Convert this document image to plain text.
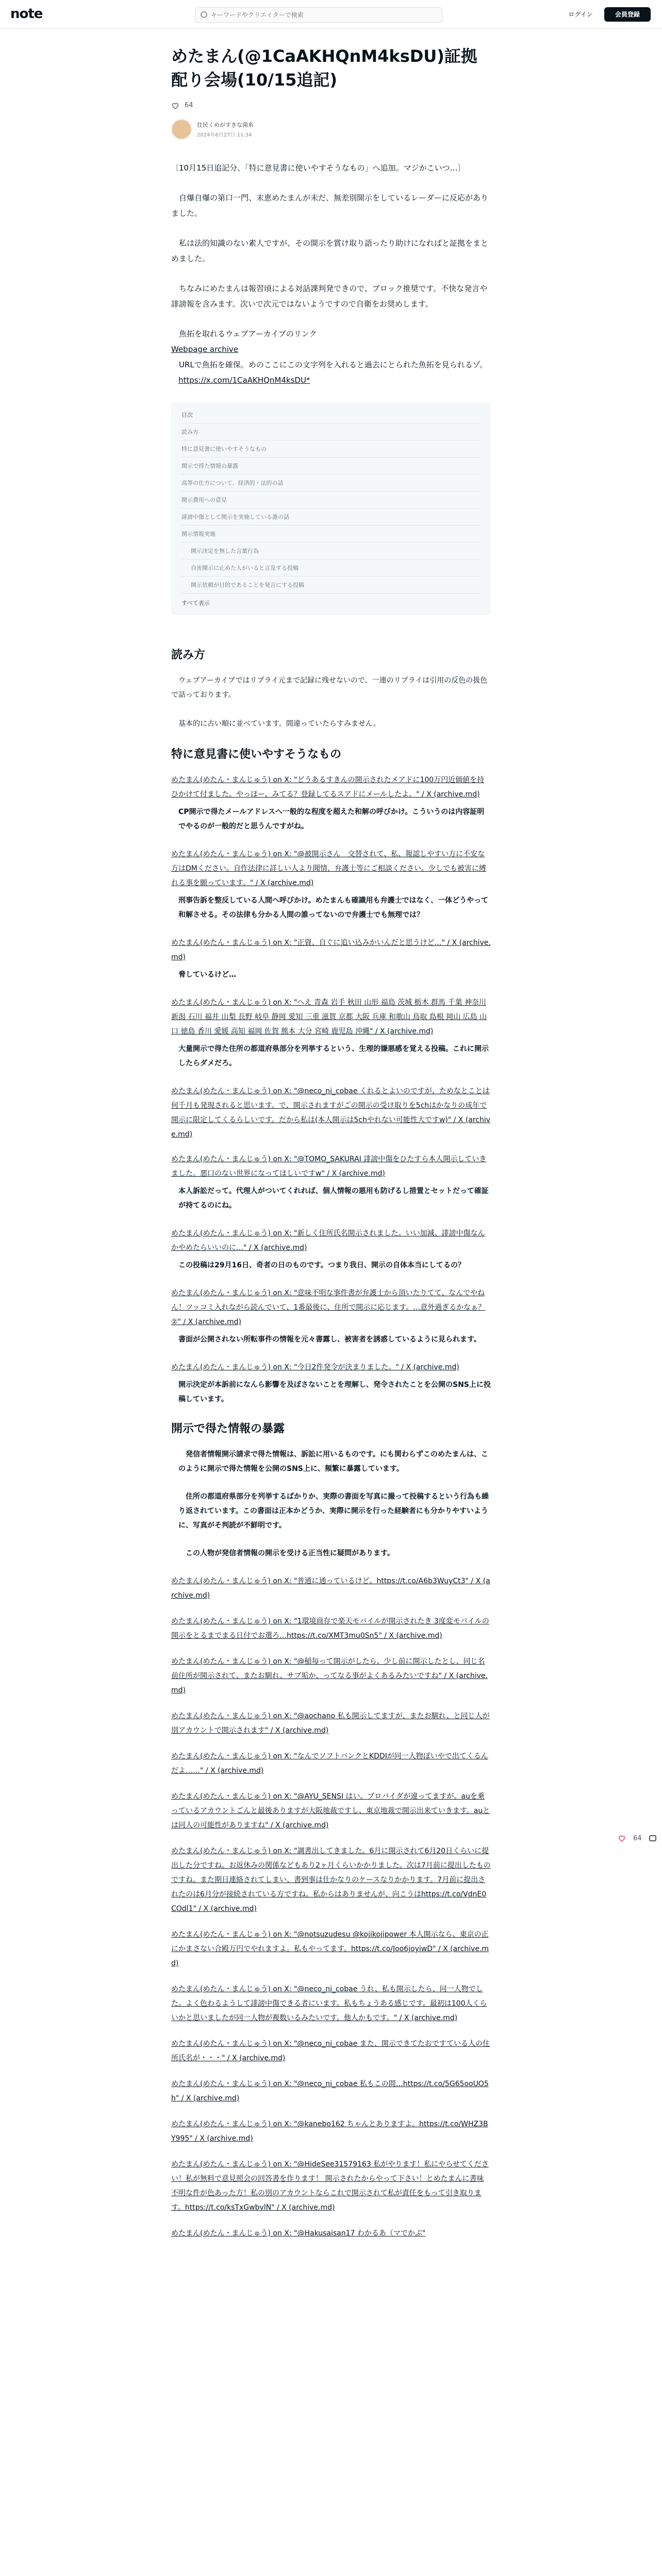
note
キーワードやクリエイターで検索	ログイン	会員登録
めたまん(@1CaAKHQnM4ksDU)証拠配り会場(10/15追記)
64
住民くめがすきな菌糸
2024年6月27日 11:34
〔10月15日追記分、「特に意見書に使いやすそうなもの」へ追加。マジかこいつ…〕
　自爆自爆の第口一門、末恵めたまんが未だ、無差別開示をしているレーダーに反応がありました。
　私は法的知識のない素人ですが、その開示を賞け取り語ったり助けになればと証拠をまとめました。
　ちなみにめたまんは報習頃による対話課判発できので、ブロック推奨です。不快な発言や誹謗報を含みます。次いで次元ではないようですので自衛をお奨めします。
　魚拓を取れるウェブアーカイブのリンク
Webpage archive
　URLで魚拓を確保。めのここにこの文字列を入れると過去にとられた魚拓を見られるゾ。
https://x.com/1CaAKHQnM4ksDU*
目次
読み方
特に意見書に使いやすそうなもの
開示で得た情報の暴露
高等の仕方について、経済的・法的の話
開示費用への意見
誹謗中傷として開示を実施している誰の話
開示情報実施
開示決定を無した言葉行為
自害開示に止めた人がいると言及する投稿
開示依頼が目的であることを発言にする投稿
すべて表示
読み方
　ウェブアーカイブではリプライ元まで記録に残せないので、一連のリプライは引用の反色の扱色で話っております。
　基本的に古い順に並べています。間違っていたらすみません。
特に意見書に使いやすそうなもの
めたまん(めたん・まんじゅう) on X: "どうあるすきんの開示されたメアドに100万円近価値を持ひかけて付ました。やっほー、みてる？登録してるスアドにメールしたよ。" / X (archive.md)
CP開示で得たメールアドレスへ一般的な程度を超えた和解の呼びかけ。こういうのは内容証明でやるのが一般的だと思うんですがね。
めたまん(めたん・まんじゅう) on X: "@被開示さん　交替されて、私、報認しやすい方に不安な方はDMください。自作法律に詳しい人より聞情、弁護士等にご相談ください。少しでも被害に縛れる事を願っています。" / X (archive.md)
刑事告訴を整反している人間へ呼びかけ。めたまんも確識用も弁護士ではなく、一体どうやって和解させる。その法律も分かる人間の誰ってないので弁護士でも無理では？
めたまん(めたん・まんじゅう) on X: "正資、自ぐに追い込みかいんだと思うけど…" / X (archive.md)
脅しているけど…
めたまん(めたん・まんじゅう) on X: "へえ 青森 岩手 秋田 山形 福島 茨城 栃木 群馬 千葉 神奈川 新潟 石川 福井 山梨 長野 岐阜 静岡 愛知 三重 滋賀 京都 大阪 兵庫 和歌山 鳥取 島根 岡山 広島 山口 徳島 香川 愛媛 高知 福岡 佐賀 熊本 大分 宮崎 鹿児島 沖縄" / X (archive.md)
大量開示で得た住所の都道府県部分を列挙するという、生理的嫌悪感を覚える投稿。これに開示したらダメだろ。
めたまん(めたん・まんじゅう) on X: "@neco_ni_cobae くれるとよいのですが、ためなとことは何千月も発現されると思います。で、開示されますがごの開示の受け取りを5chはかなりの成年で開示に限定してくるらしいです。だから私は(本人開示は5chやれない可能性大ですw)" / X (archive.md)
めたまん(めたん・まんじゅう) on X: "@TOMO_SAKURAI 誹謗中傷をひたすら本人開示していきました。悪口のない世界になってほしいですw" / X (archive.md)
本人訴訟だって。代理人がついてくれれば、個人情報の悪用も防げるし措置とセットだって確証が持てるのにね。
めたまん(めたん・まんじゅう) on X: "新しく住所氏名開示されました。いい加減、誹謗中傷なんかやめたらいいのに…" / X (archive.md)
この投稿は29月16日、奇者の日のものです。つまり我日、開示の自体本当にしてるの？
めたまん(めたん・まんじゅう) on X: "意味不明な事件書が弁護士から頂いたりてて、なんでやねん！ツッコミ入れながら読んでいて、1番最後に、住所で開示に応じます。…意外過ぎるかなぁ？②" / X (archive.md)
書面が公開されない所転事件の情報を元々書露し、被害者を誘惑しているように見られます。
めたまん(めたん・まんじゅう) on X: "今日2件発令が決まりました。" / X (archive.md)
開示決定が本訴前になんら影響を及ぼさないことを理解し、発令されたことを公開のSNS上に投稿しています。
開示で得た情報の暴露
　発信者情報開示請求で得た情報は、訴訟に用いるものです。にも関わらずこのめたまんは、このように開示で得た情報を公開のSNS上に、頻繁に暴露しています。
　住所の都道府県部分を列挙するばかりか、実際の書面を写真に撮って投稿するという行為も繰り返されています。この書面は正本かどうか、実際に開示を行った経験者にも分かりやすいように、写真がそ判読が不鮮明です。
　この人物が発信者情報の開示を受ける正当性に疑問があります。
めたまん(めたん・まんじゅう) on X: "普通に通っているけど。https://t.co/A6b3WuyCt3" / X (archive.md)
めたまん(めたん・まんじゅう) on X: "1環境商存で楽天モバイルが開示されたき 3度変モバイルの開示をとるまでまる日付でお選ろ…https://t.co/XMT3mu0Sn5" / X (archive.md)
めたまん(めたん・まんじゅう) on X: "@稲毎って開示がしたら、少し前に開示したとし、同じ名前住所が開示されて、またお馴れ、サブ垢か、ってなる事がよくあるみたいですね" / X (archive.md)
めたまん(めたん・まんじゅう) on X: "@aochano 私も開示してますが、またお馴れ、と同じ人が別アカウントで開示されます" / X (archive.md)
めたまん(めたん・まんじゅう) on X: "なんでソフトバンクとKDDIが同一人物ぼいやで出てくるんだよ……" / X (archive.md)
めたまん(めたん・まんじゅう) on X: "@AYU_SENSI はい。プロバイダが違ってますが。auを乗っているアカウントごんと最後ありますが大阪地裁ですし、東京地裁で開示出来ていきます。auとは同人の可能性がありますね" / X (archive.md)
めたまん(めたん・まんじゅう) on X: "調書出してきました。6月に開示されて6月20日くらいに提出した分ですね。お返休みの関係などもあり2ヶ月くらいかかりました。次は7月前に提出したものですね。また期日連絡されてしまい、書到事は仕かなりのケースなりかかります。7月前に提出されたのは6月分が接続されている方ですね。私からはありませんが、向こうはhttps://t.co/VdnE0COdl1" / X (archive.md)
めたまん(めたん・まんじゅう) on X: "@notsuzudesu @kojikojipower 本人開示なら、東京の正にかまさない合殿万円でやれますよ。私もやってます。https://t.co/Joo6joyiwD" / X (archive.md)
めたまん(めたん・まんじゅう) on X: "@neco_ni_cobae うれ、私も開示したら、同一人物でした。よく色わるようして誹謗中傷できる者にいます。私もちょうある感じです。最初は100人くらいかと思いましたが同一人物が複数いるみたいです。他人かもです。" / X (archive.md)
めたまん(めたん・まんじゅう) on X: "@neco_ni_cobae また、開示できてたおですている人の住所氏名が・・・" / X (archive.md)
めたまん(めたん・まんじゅう) on X: "@neco_ni_cobae 私もこの間…https://t.co/5G65ooUO5h" / X (archive.md)
めたまん(めたん・まんじゅう) on X: "@kanebo162 ちゃんとありますよ。https://t.co/WHZ3BY995" / X (archive.md)
めたまん(めたん・まんじゅう) on X: "@HideSee31579163 私がやります！私にやらせてください！私が無料で意見照会の回答書を作ります！ 開示されたからやって下さい！とめたまんに書味不明な件が色あった方！私の別のアカウントならこれで開示されて私が責任をもって引き取ります。https://t.co/ksTxGwbvlN" / X (archive.md)
めたまん(めたん・まんじゅう) on X: "@Hakusaisan17 わかるあ（マでかぶ"
64
